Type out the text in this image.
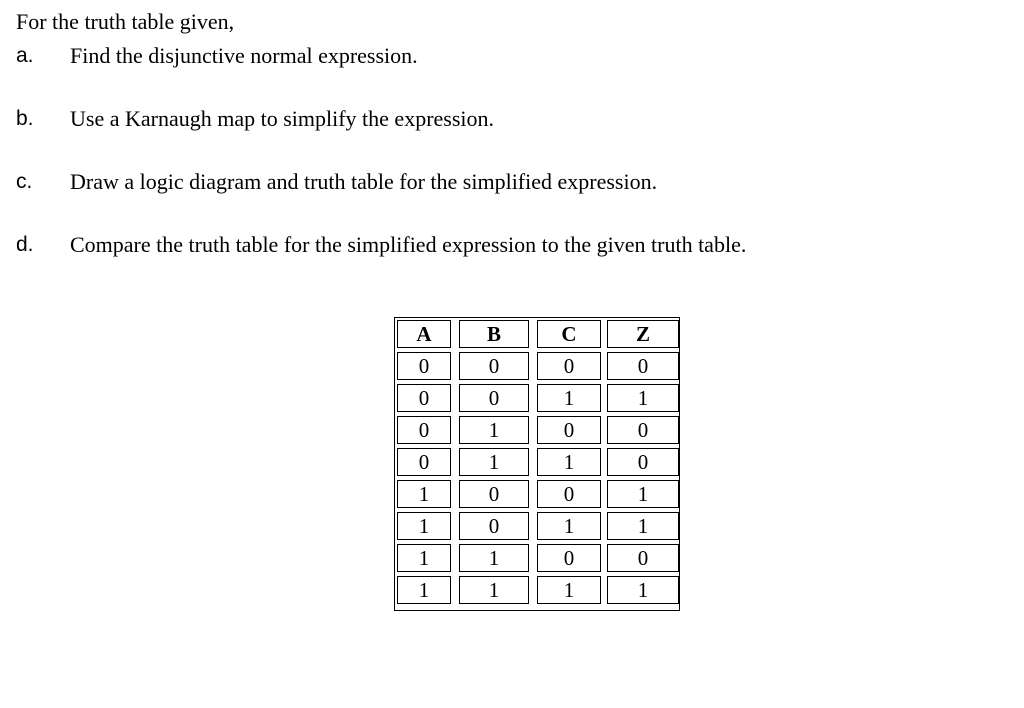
For the truth table given,
a. Find the disjunctive normal expression.
b. Use a Karnaugh map to simplify the expression.
c. Draw a logic diagram and truth table for the simplified expression.
d. Compare the truth table for the simplified expression to the given truth table.
A	B	C	Z
0	0	0	0
0	0	1	1
0	1	0	0
0	1	1	0
1	0	0	1
1	0	1	1
1	1	0	0
1	1	1	1
